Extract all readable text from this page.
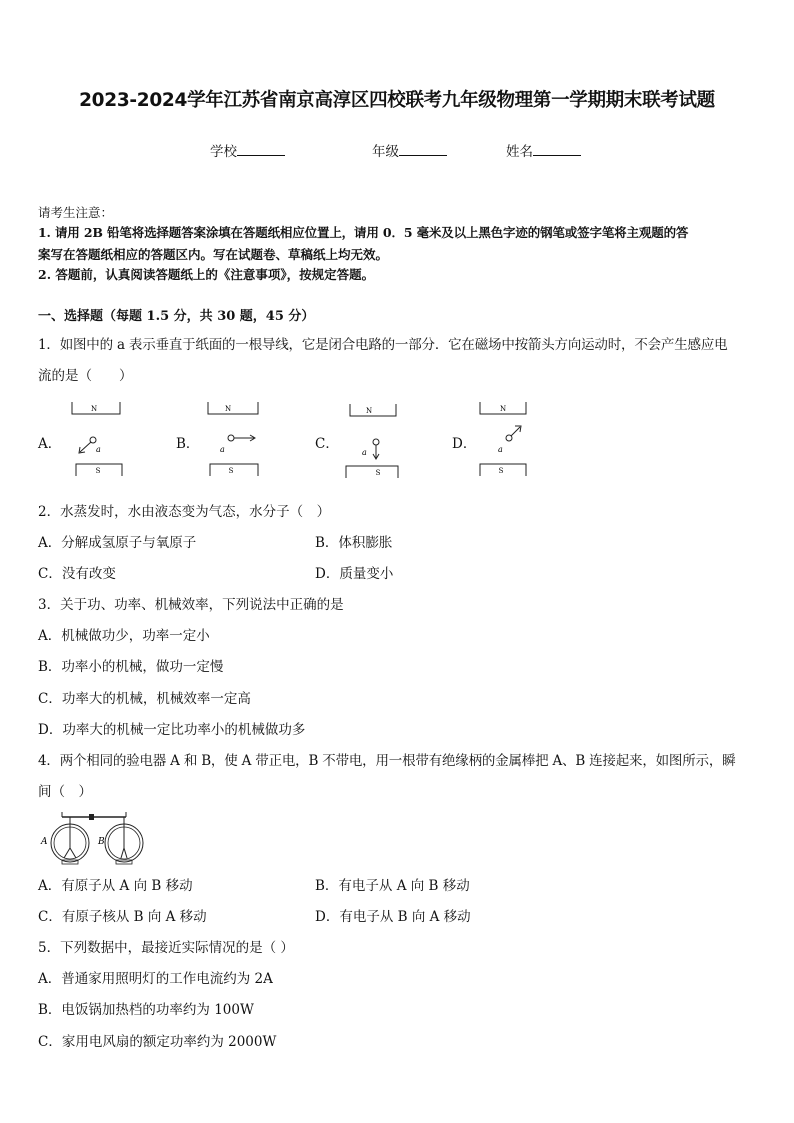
2023-2024学年江苏省南京高淳区四校联考九年级物理第一学期期末联考试题
学校	年级	姓名
请考生注意：
1. 请用 2B 铅笔将选择题答案涂填在答题纸相应位置上，请用 0．5 毫米及以上黑色字迹的钢笔或签字笔将主观题的答
案写在答题纸相应的答题区内。写在试题卷、草稿纸上均无效。
2. 答题前，认真阅读答题纸上的《注意事项》，按规定答题。
一、选择题（每题 1.5 分，共 30 题，45 分）
1．如图中的 a 表示垂直于纸面的一根导线，它是闭合电路的一部分．它在磁场中按箭头方向运动时，不会产生感应电
流的是（　　）
A．	B．	C．	D．
N
S
a
N
S
a
N
S
a
N
S
a
2．水蒸发时，水由液态变为气态，水分子（　）
A．分解成氢原子与氧原子	B．体积膨胀
C．没有改变	D．质量变小
3．关于功、功率、机械效率，下列说法中正确的是
A．机械做功少，功率一定小
B．功率小的机械，做功一定慢
C．功率大的机械，机械效率一定高
D．功率大的机械一定比功率小的机械做功多
4．两个相同的验电器 A 和 B，使 A 带正电，B 不带电，用一根带有绝缘柄的金属棒把 A、B 连接起来，如图所示，瞬
间（　）
A	B
A．有原子从 A 向 B 移动	B．有电子从 A 向 B 移动
C．有原子核从 B 向 A 移动	D．有电子从 B 向 A 移动
5．下列数据中，最接近实际情况的是（ ）
A．普通家用照明灯的工作电流约为 2A
B．电饭锅加热档的功率约为 100W
C．家用电风扇的额定功率约为 2000W
